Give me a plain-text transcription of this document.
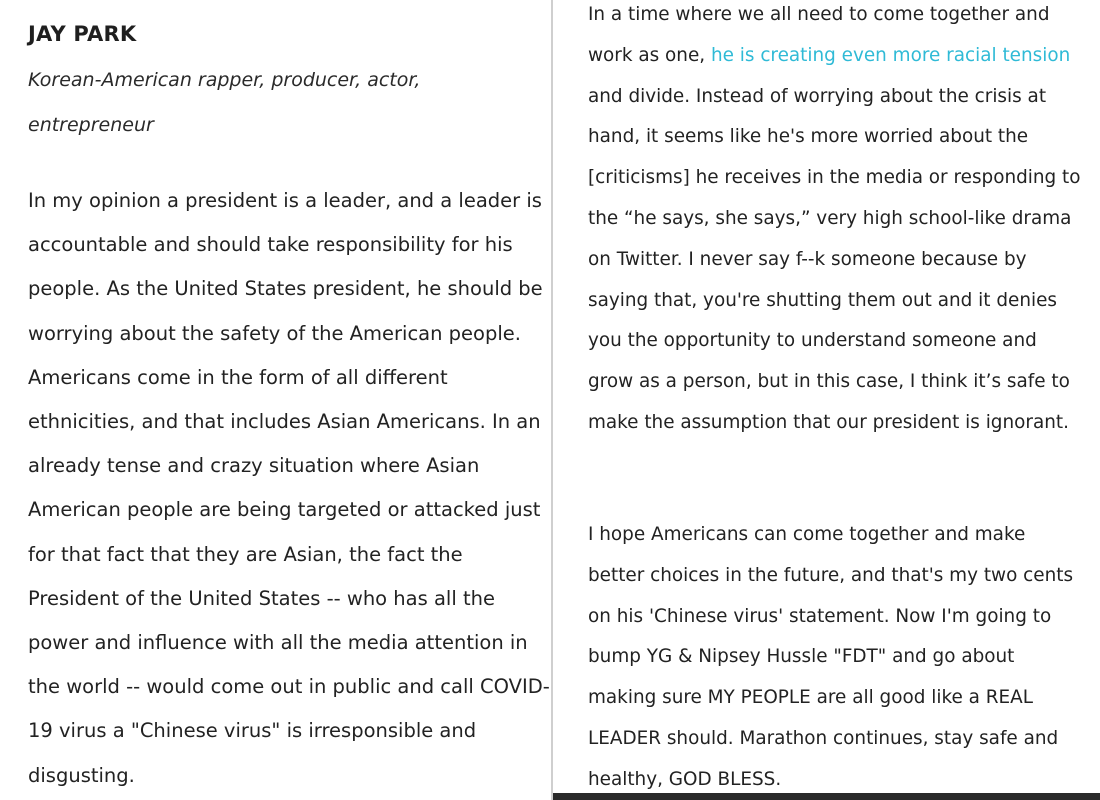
JAY PARK

Korean-American rapper, producer, actor, entrepreneur

In my opinion a president is a leader, and a leader is accountable and should take responsibility for his people. As the United States president, he should be worrying about the safety of the American people. Americans come in the form of all different ethnicities, and that includes Asian Americans. In an already tense and crazy situation where Asian American people are being targeted or attacked just for that fact that they are Asian, the fact the President of the United States -- who has all the power and influence with all the media attention in the world -- would come out in public and call COVID-19 virus a "Chinese virus" is irresponsible and disgusting.

In a time where we all need to come together and work as one, he is creating even more racial tension and divide. Instead of worrying about the crisis at hand, it seems like he's more worried about the [criticisms] he receives in the media or responding to the “he says, she says,” very high school-like drama on Twitter. I never say f--k someone because by saying that, you're shutting them out and it denies you the opportunity to understand someone and grow as a person, but in this case, I think it’s safe to make the assumption that our president is ignorant.

I hope Americans can come together and make better choices in the future, and that's my two cents on his 'Chinese virus' statement. Now I'm going to bump YG & Nipsey Hussle "FDT" and go about making sure MY PEOPLE are all good like a REAL LEADER should. Marathon continues, stay safe and healthy, GOD BLESS.
